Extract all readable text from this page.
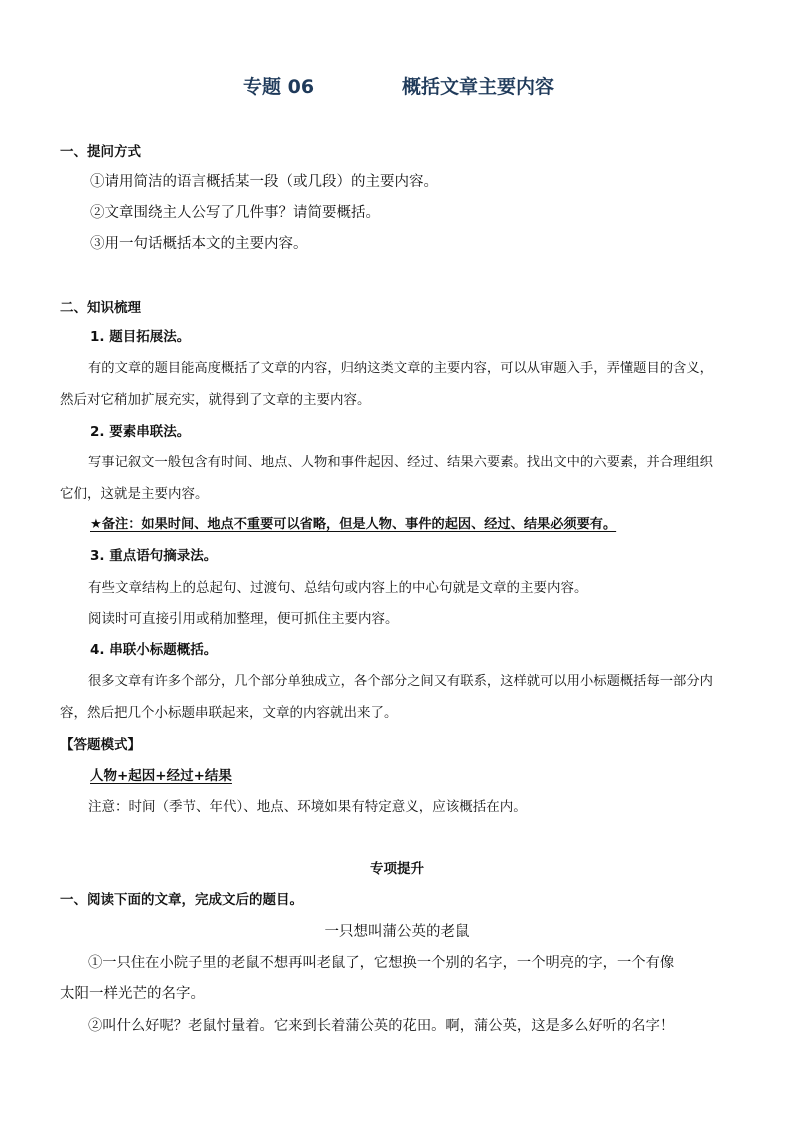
专题 06	概括文章主要内容
一、提问方式
①请用简洁的语言概括某一段（或几段）的主要内容。
②文章围绕主人公写了几件事？请简要概括。
③用一句话概括本文的主要内容。
二、知识梳理
1. 题目拓展法。
有的文章的题目能高度概括了文章的内容，归纳这类文章的主要内容，可以从审题入手，弄懂题目的含义，
然后对它稍加扩展充实，就得到了文章的主要内容。
2. 要素串联法。
写事记叙文一般包含有时间、地点、人物和事件起因、经过、结果六要素。找出文中的六要素，并合理组织
它们，这就是主要内容。
★备注：如果时间、地点不重要可以省略，但是人物、事件的起因、经过、结果必须要有。
3. 重点语句摘录法。
有些文章结构上的总起句、过渡句、总结句或内容上的中心句就是文章的主要内容。
阅读时可直接引用或稍加整理，便可抓住主要内容。
4. 串联小标题概括。
很多文章有许多个部分，几个部分单独成立，各个部分之间又有联系，这样就可以用小标题概括每一部分内
容，然后把几个小标题串联起来，文章的内容就出来了。
【答题模式】
人物+起因+经过+结果
注意：时间（季节、年代）、地点、环境如果有特定意义，应该概括在内。
专项提升
一、阅读下面的文章，完成文后的题目。
一只想叫蒲公英的老鼠
①一只住在小院子里的老鼠不想再叫老鼠了，它想换一个别的名字，一个明亮的字，一个有像
太阳一样光芒的名字。
②叫什么好呢？老鼠忖量着。它来到长着蒲公英的花田。啊，蒲公英，这是多么好听的名字！
